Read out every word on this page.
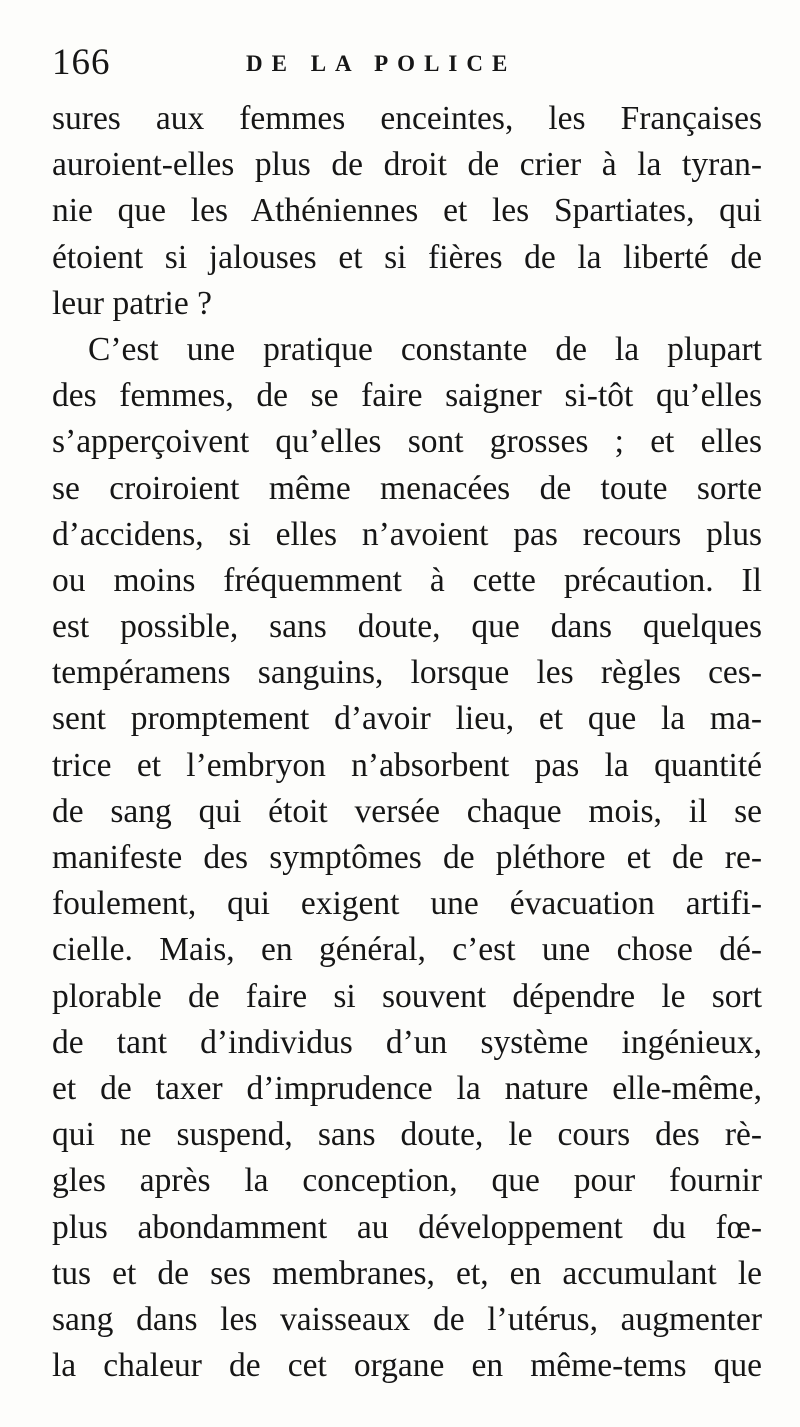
166	DE LA POLICE
sures aux femmes enceintes, les Françaises
auroient-elles plus de droit de crier à la tyran-
nie que les Athéniennes et les Spartiates, qui
étoient si jalouses et si fières de la liberté de
leur patrie ?
C’est une pratique constante de la plupart
des femmes, de se faire saigner si-tôt qu’elles
s’apperçoivent qu’elles sont grosses ; et elles
se croiroient même menacées de toute sorte
d’accidens, si elles n’avoient pas recours plus
ou moins fréquemment à cette précaution. Il
est possible, sans doute, que dans quelques
tempéramens sanguins, lorsque les règles ces-
sent promptement d’avoir lieu, et que la ma-
trice et l’embryon n’absorbent pas la quantité
de sang qui étoit versée chaque mois, il se
manifeste des symptômes de pléthore et de re-
foulement, qui exigent une évacuation artifi-
cielle. Mais, en général, c’est une chose dé-
plorable de faire si souvent dépendre le sort
de tant d’individus d’un système ingénieux,
et de taxer d’imprudence la nature elle-même,
qui ne suspend, sans doute, le cours des rè-
gles après la conception, que pour fournir
plus abondamment au développement du fœ-
tus et de ses membranes, et, en accumulant le
sang dans les vaisseaux de l’utérus, augmenter
la chaleur de cet organe en même-tems que
